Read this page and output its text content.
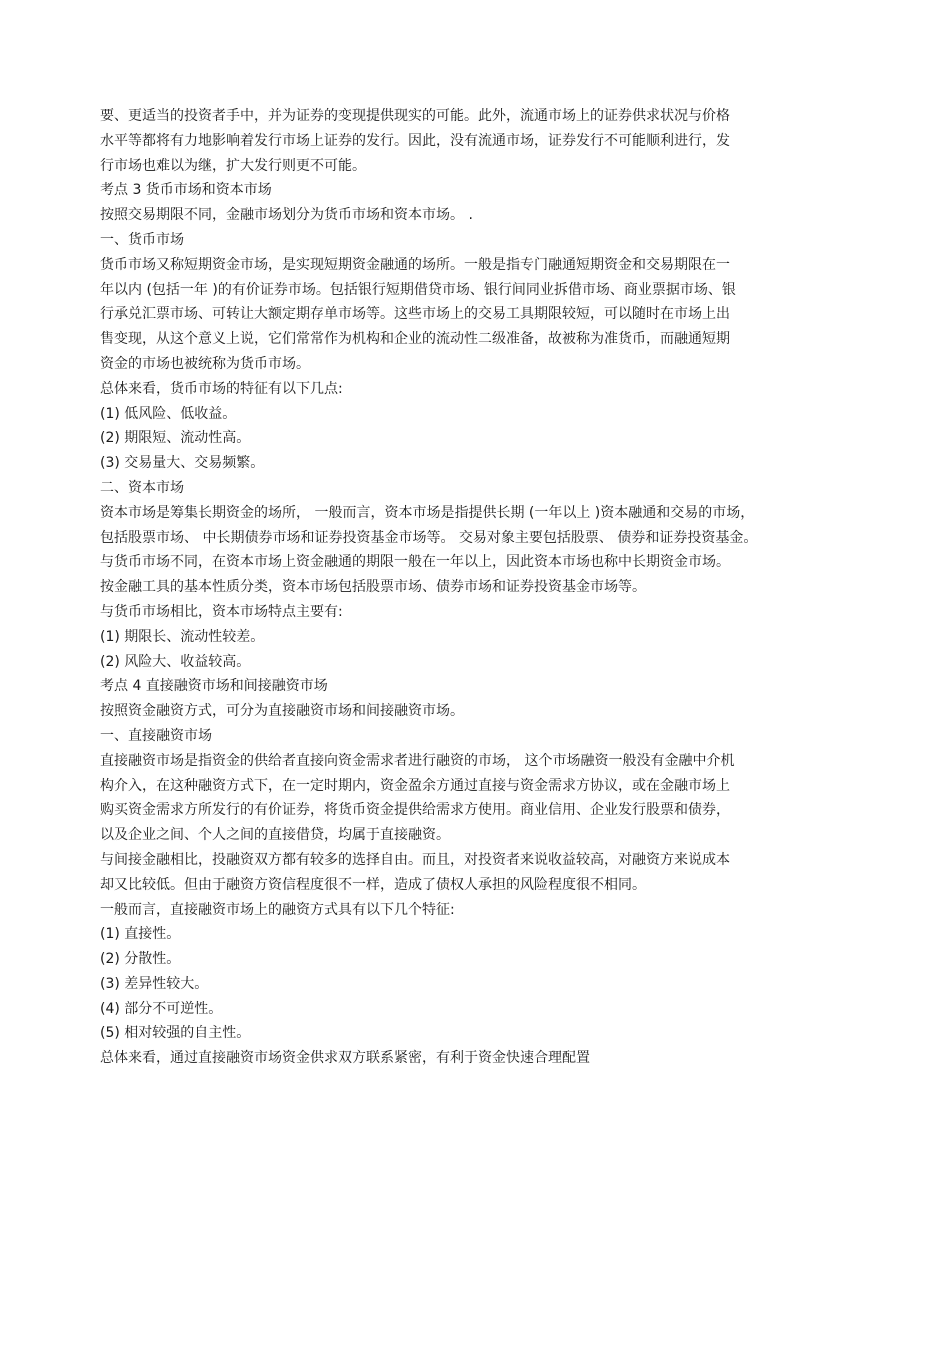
要、更适当的投资者手中，并为证券的变现提供现实的可能。此外，流通市场上的证券供求状况与价格
水平等都将有力地影响着发行市场上证券的发行。因此，没有流通市场，证券发行不可能顺利进行，发
行市场也难以为继，扩大发行则更不可能。
考点 3 货币市场和资本市场
按照交易期限不同，金融市场划分为货币市场和资本市场。 .
一、货币市场
货币市场又称短期资金市场，是实现短期资金融通的场所。一般是指专门融通短期资金和交易期限在一
年以内 (包括一年 )的有价证券市场。包括银行短期借贷市场、银行间同业拆借市场、商业票据市场、银
行承兑汇票市场、可转让大额定期存单市场等。这些市场上的交易工具期限较短，可以随时在市场上出
售变现，从这个意义上说，它们常常作为机构和企业的流动性二级准备，故被称为准货币，而融通短期
资金的市场也被统称为货币市场。
总体来看，货币市场的特征有以下几点:
(1) 低风险、低收益。
(2) 期限短、流动性高。
(3) 交易量大、交易频繁。
二、资本市场
资本市场是筹集长期资金的场所， 一般而言，资本市场是指提供长期 (一年以上 )资本融通和交易的市场，
包括股票市场、 中长期债券市场和证券投资基金市场等。 交易对象主要包括股票、 债券和证券投资基金。
与货币市场不同，在资本市场上资金融通的期限一般在一年以上，因此资本市场也称中长期资金市场。
按金融工具的基本性质分类，资本市场包括股票市场、债券市场和证券投资基金市场等。
与货币市场相比，资本市场特点主要有:
(1) 期限长、流动性较差。
(2) 风险大、收益较高。
考点 4 直接融资市场和间接融资市场
按照资金融资方式，可分为直接融资市场和间接融资市场。
一、直接融资市场
直接融资市场是指资金的供给者直接向资金需求者进行融资的市场， 这个市场融资一般没有金融中介机
构介入，在这种融资方式下，在一定时期内，资金盈余方通过直接与资金需求方协议，或在金融市场上
购买资金需求方所发行的有价证券，将货币资金提供给需求方使用。商业信用、企业发行股票和债券，
以及企业之间、个人之间的直接借贷，均属于直接融资。
与间接金融相比，投融资双方都有较多的选择自由。而且，对投资者来说收益较高，对融资方来说成本
却又比较低。但由于融资方资信程度很不一样，造成了债权人承担的风险程度很不相同。
一般而言，直接融资市场上的融资方式具有以下几个特征:
(1) 直接性。
(2) 分散性。
(3) 差异性较大。
(4) 部分不可逆性。
(5) 相对较强的自主性。
总体来看，通过直接融资市场资金供求双方联系紧密，有利于资金快速合理配置
